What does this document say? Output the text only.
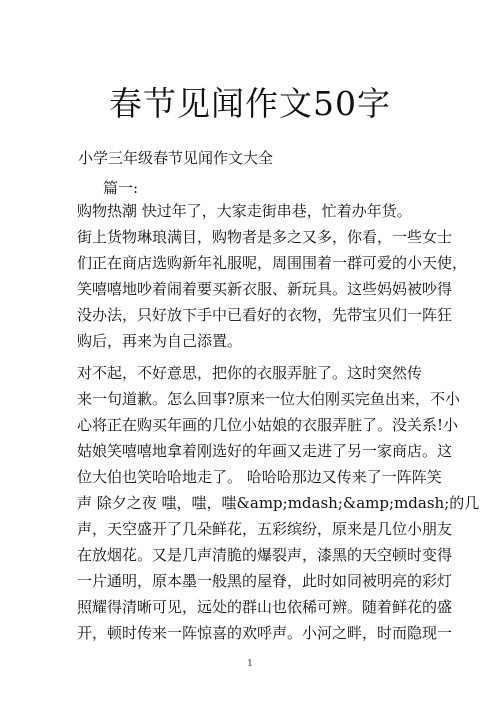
春节见闻作文50字

小学三年级春节见闻作文大全

篇一:

购物热潮 快过年了，大家走街串巷，忙着办年货。
街上货物琳琅满目，购物者是多之又多，你看，一些女士
们正在商店选购新年礼服呢，周围围着一群可爱的小天使，
笑嘻嘻地吵着闹着要买新衣服、新玩具。这些妈妈被吵得
没办法，只好放下手中已看好的衣物，先带宝贝们一阵狂
购后，再来为自己添置。
对不起，不好意思，把你的衣服弄脏了。这时突然传
来一句道歉。怎么回事?原来一位大伯刚买完鱼出来，不小
心将正在购买年画的几位小姑娘的衣服弄脏了。没关系!小
姑娘笑嘻嘻地拿着刚选好的年画又走进了另一家商店。这
位大伯也笑哈哈地走了。 哈哈哈那边又传来了一阵阵笑
声 除夕之夜 嗤，嗤，嗤&amp;mdash;&amp;mdash;的几
声，天空盛开了几朵鲜花，五彩缤纷，原来是几位小朋友
在放烟花。又是几声清脆的爆裂声，漆黑的天空顿时变得
一片通明，原本墨一般黑的屋脊，此时如同被明亮的彩灯
照耀得清晰可见，远处的群山也依稀可辨。随着鲜花的盛
开，顿时传来一阵惊喜的欢呼声。小河之畔，时而隐现一
1
